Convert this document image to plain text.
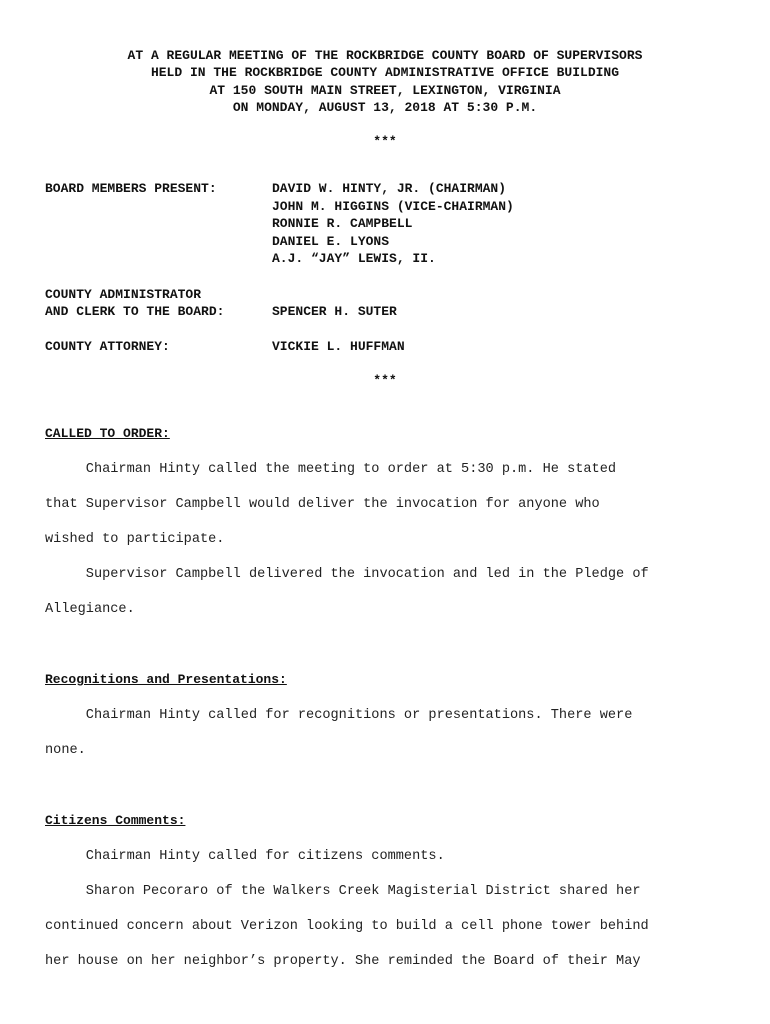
AT A REGULAR MEETING OF THE ROCKBRIDGE COUNTY BOARD OF SUPERVISORS
HELD IN THE ROCKBRIDGE COUNTY ADMINISTRATIVE OFFICE BUILDING
AT 150 SOUTH MAIN STREET, LEXINGTON, VIRGINIA
ON MONDAY, AUGUST 13, 2018 AT 5:30 P.M.
***
BOARD MEMBERS PRESENT:	DAVID W. HINTY, JR. (CHAIRMAN)
JOHN M. HIGGINS (VICE-CHAIRMAN)
RONNIE R. CAMPBELL
DANIEL E. LYONS
A.J. “JAY” LEWIS, II.
COUNTY ADMINISTRATOR
AND CLERK TO THE BOARD:	SPENCER H. SUTER
COUNTY ATTORNEY:	VICKIE L. HUFFMAN
***
CALLED TO ORDER:
Chairman Hinty called the meeting to order at 5:30 p.m. He stated
that Supervisor Campbell would deliver the invocation for anyone who
wished to participate.
Supervisor Campbell delivered the invocation and led in the Pledge of
Allegiance.
Recognitions and Presentations:
Chairman Hinty called for recognitions or presentations. There were
none.
Citizens Comments:
Chairman Hinty called for citizens comments.
Sharon Pecoraro of the Walkers Creek Magisterial District shared her
continued concern about Verizon looking to build a cell phone tower behind
her house on her neighbor’s property. She reminded the Board of their May
